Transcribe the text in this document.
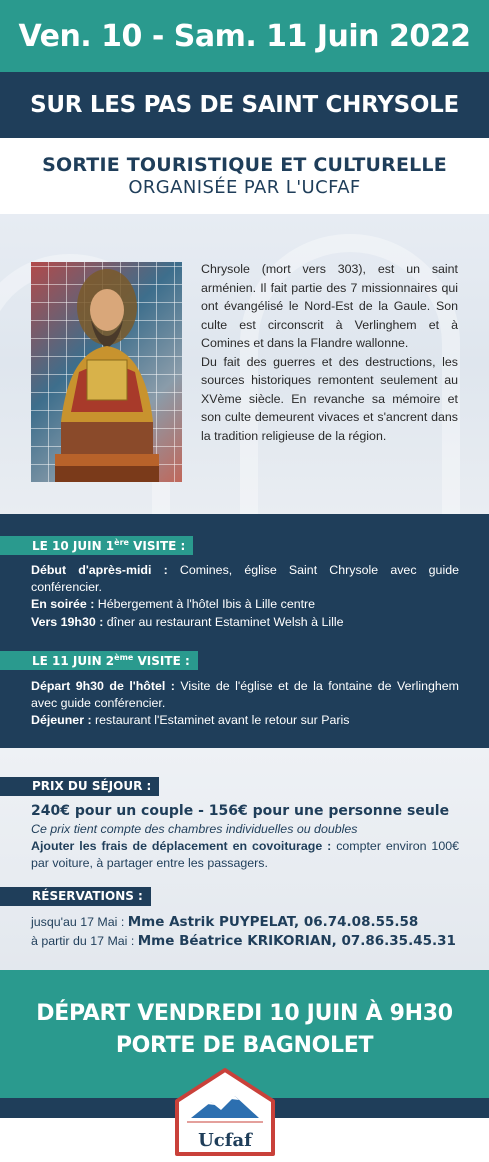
Ven. 10 - Sam. 11 Juin 2022
SUR LES PAS DE SAINT CHRYSOLE
SORTIE TOURISTIQUE ET CULTURELLE
ORGANISÉE PAR L'UCFAF

Chrysole (mort vers 303), est un saint arménien. Il fait partie des 7 missionnaires qui ont évangélisé le Nord-Est de la Gaule. Son culte est circonscrit à Verlinghem et à Comines et dans la Flandre wallonne.

Du fait des guerres et des destructions, les sources historiques remontent seulement au XVème siècle. En revanche sa mémoire et son culte demeurent vivaces et s'ancrent dans la tradition religieuse de la région.

LE 10 JUIN 1ère VISITE :

Début d'après-midi : Comines, église Saint Chrysole avec guide conférencier.

En soirée : Hébergement à l'hôtel Ibis à Lille centre

Vers 19h30 : dîner au restaurant Estaminet Welsh à Lille

LE 11 JUIN 2ème VISITE :

Départ 9h30 de l'hôtel : Visite de l'église et de la fontaine de Verlinghem avec guide conférencier.

Déjeuner : restaurant l'Estaminet avant le retour sur Paris

PRIX DU SÉJOUR :

240€ pour un couple - 156€ pour une personne seule

Ce prix tient compte des chambres individuelles ou doubles

Ajouter les frais de déplacement en covoiturage : compter environ 100€ par voiture, à partager entre les passagers.

RÉSERVATIONS :

jusqu'au 17 Mai : Mme Astrik PUYPELAT, 06.74.08.55.58

à partir du 17 Mai : Mme Béatrice KRIKORIAN, 07.86.35.45.31

DÉPART VENDREDI 10 JUIN À 9H30
PORTE DE BAGNOLET
Ucfaf
